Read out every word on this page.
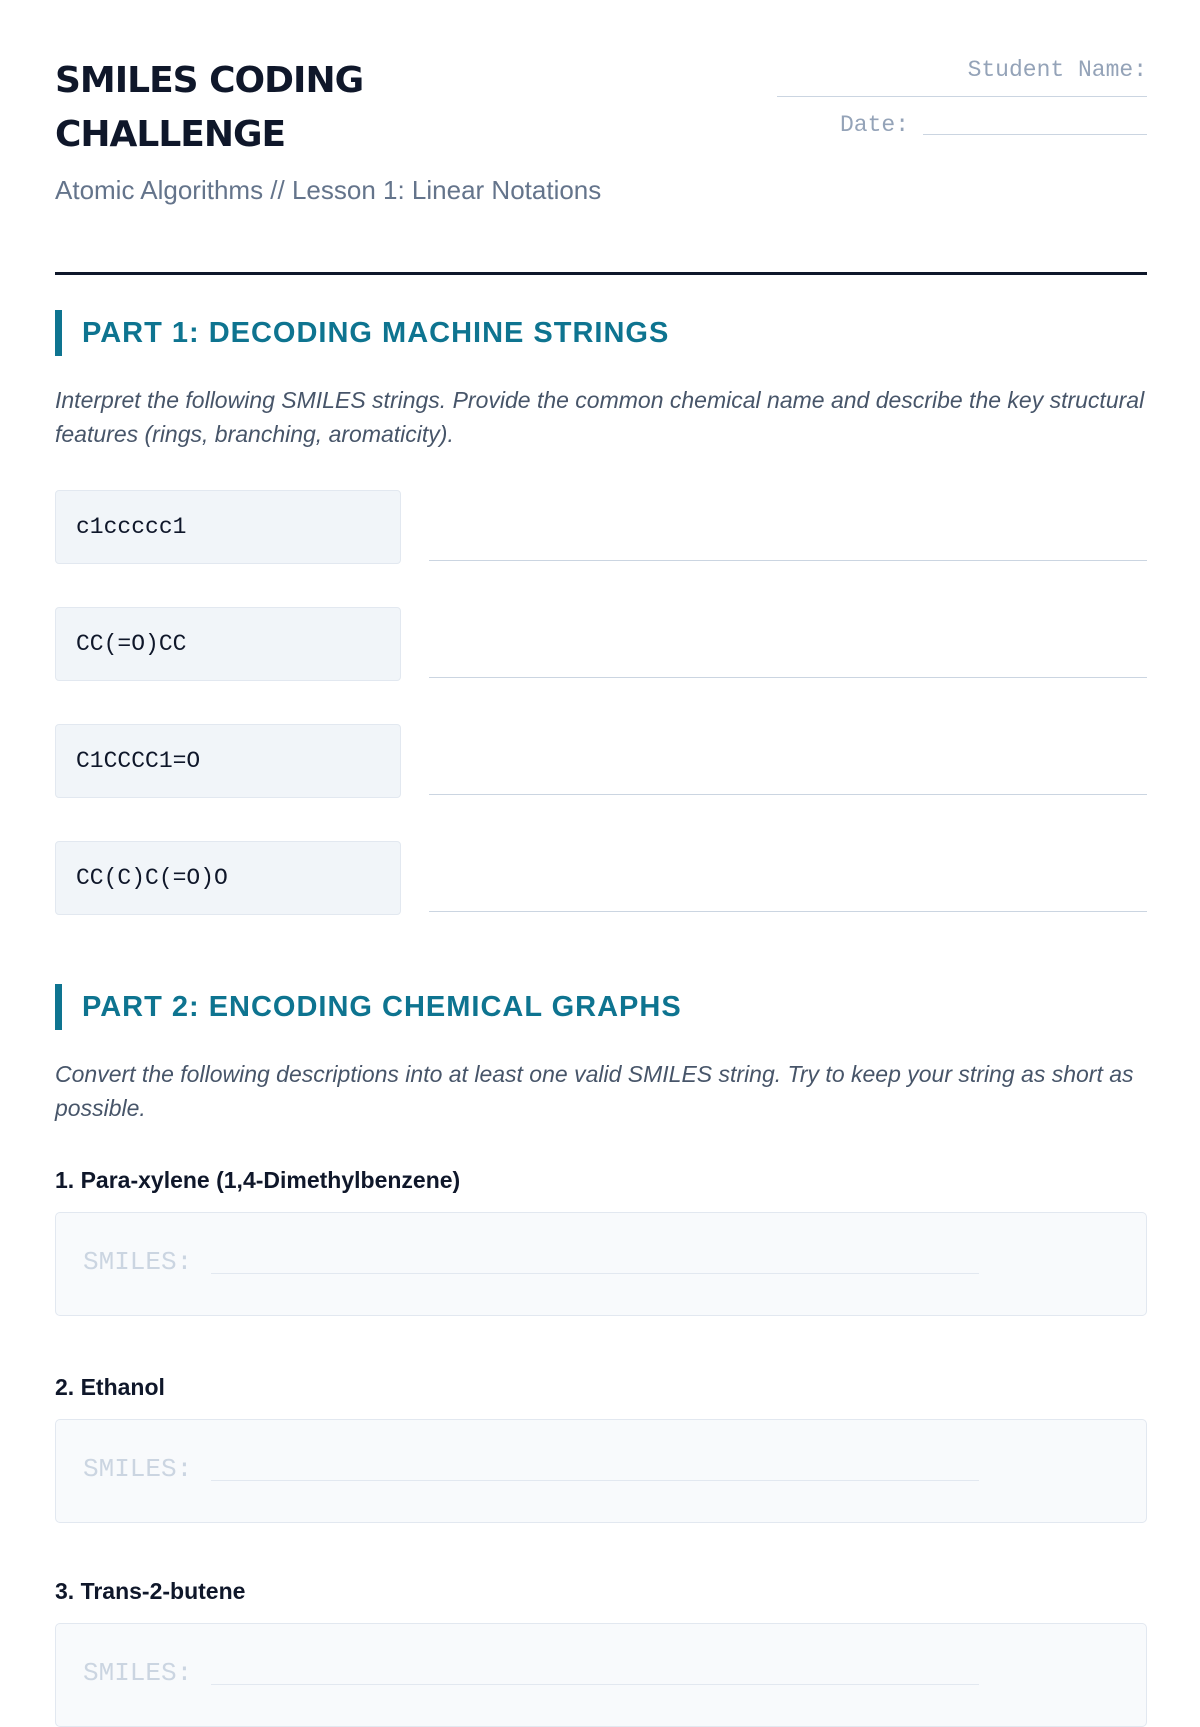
SMILES CODING
CHALLENGE
Atomic Algorithms // Lesson 1: Linear Notations
Student Name:
Date:
PART 1: DECODING MACHINE STRINGS
Interpret the following SMILES strings. Provide the common chemical name and describe the key structural features (rings, branching, aromaticity).
c1ccccc1
CC(=O)CC
C1CCCC1=O
CC(C)C(=O)O
PART 2: ENCODING CHEMICAL GRAPHS
Convert the following descriptions into at least one valid SMILES string. Try to keep your string as short as possible.
1. Para-xylene (1,4-Dimethylbenzene)
SMILES:
2. Ethanol
SMILES:
3. Trans-2-butene
SMILES:
